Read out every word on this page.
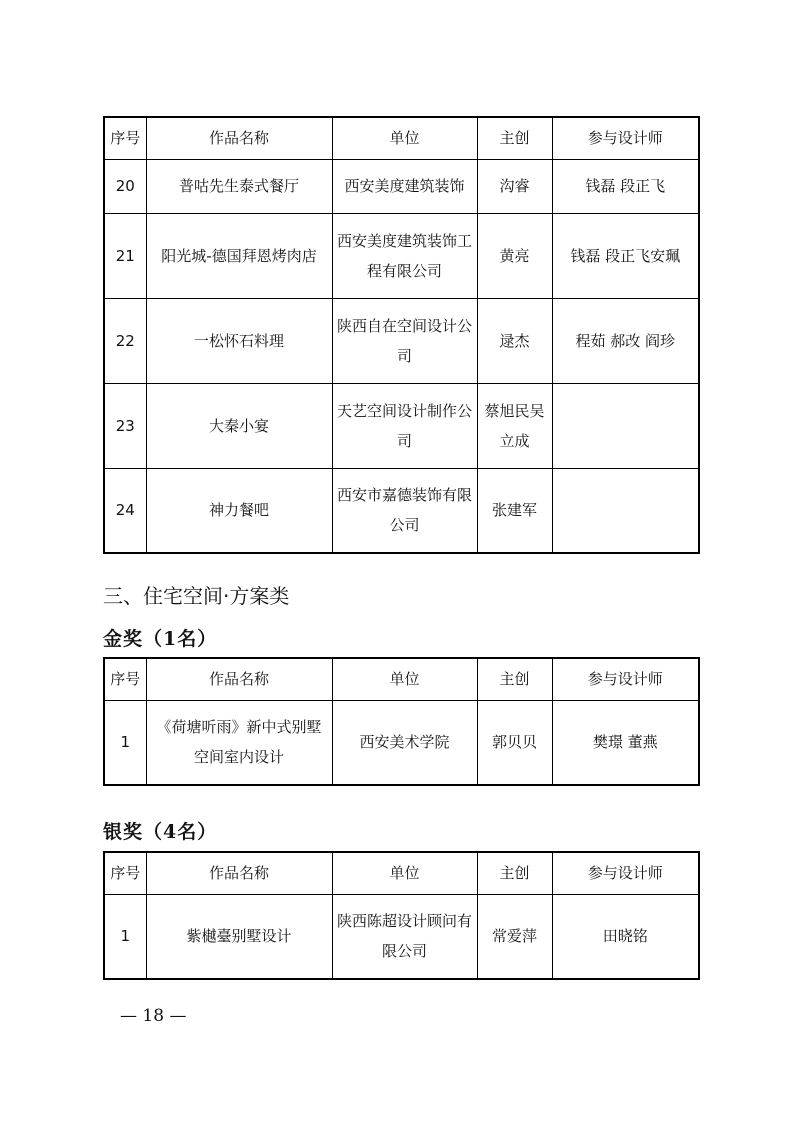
序号	作品名称	单位	主创	参与设计师
20	普咕先生泰式餐厅	西安美度建筑装饰	沟睿	钱磊 段正飞
21	阳光城-德国拜恩烤肉店	西安美度建筑装饰工程有限公司	黄亮	钱磊 段正飞安珮
22	一松怀石料理	陕西自在空间设计公司	逯杰	程茹 郝改 阎珍
23	大秦小宴	天艺空间设计制作公司	蔡旭民吴立成	
24	神力餐吧	西安市嘉德装饰有限公司	张建军	
三、住宅空间·方案类
金奖（1名）
序号	作品名称	单位	主创	参与设计师
1	《荷塘听雨》新中式别墅空间室内设计	西安美术学院	郭贝贝	樊璟 董燕
银奖（4名）
序号	作品名称	单位	主创	参与设计师
1	紫樾臺别墅设计	陕西陈超设计顾问有限公司	常爱萍	田晓铭
— 18 —
